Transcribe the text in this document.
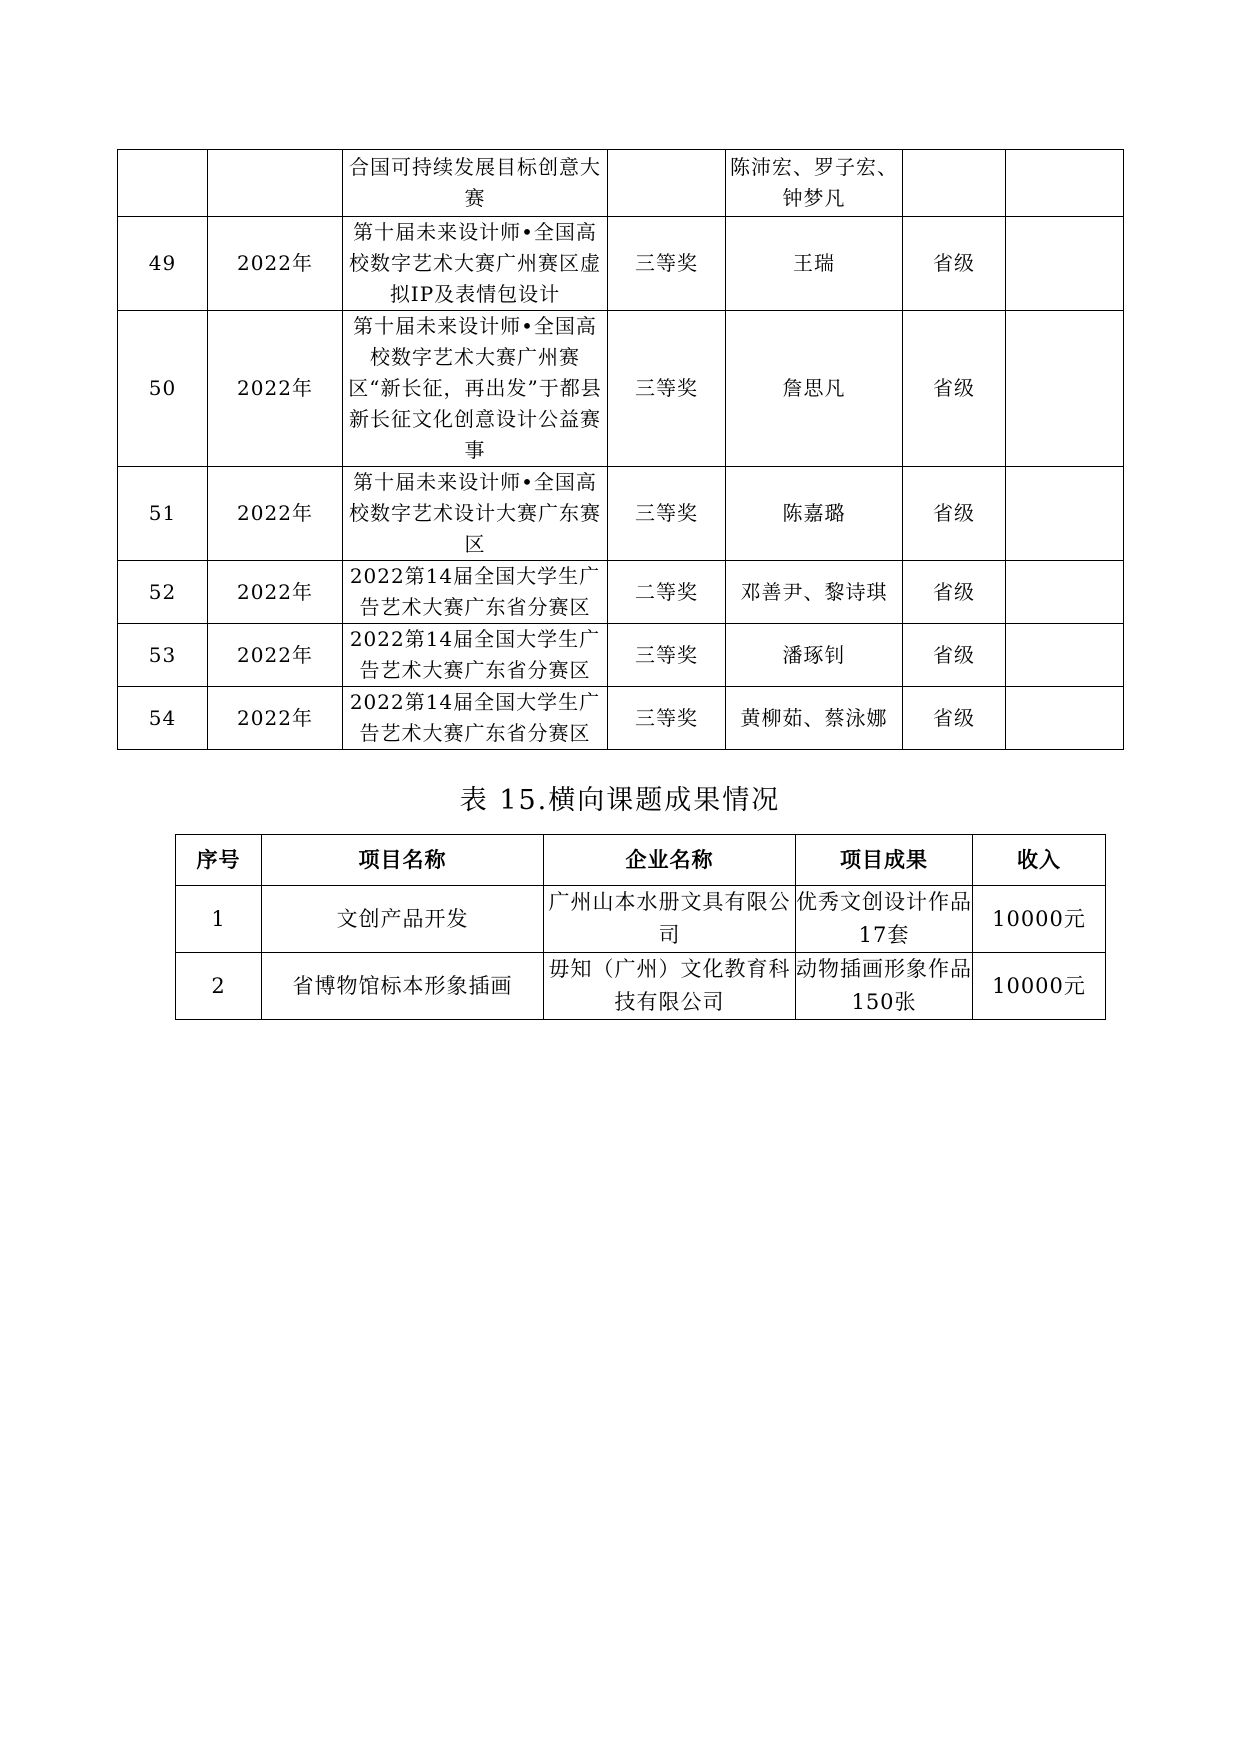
		合国可持续发展目标创意大赛		陈沛宏、罗子宏、钟梦凡		
49	2022年	第十届未来设计师•全国高校数字艺术大赛广州赛区虚拟IP及表情包设计	三等奖	王瑞	省级	
50	2022年	第十届未来设计师•全国高校数字艺术大赛广州赛区“新长征，再出发”于都县新长征文化创意设计公益赛事	三等奖	詹思凡	省级	
51	2022年	第十届未来设计师•全国高校数字艺术设计大赛广东赛区	三等奖	陈嘉璐	省级	
52	2022年	2022第14届全国大学生广告艺术大赛广东省分赛区	二等奖	邓善尹、黎诗琪	省级	
53	2022年	2022第14届全国大学生广告艺术大赛广东省分赛区	三等奖	潘琢钊	省级	
54	2022年	2022第14届全国大学生广告艺术大赛广东省分赛区	三等奖	黄柳茹、蔡泳娜	省级	
表 15.横向课题成果情况
序号	项目名称	企业名称	项目成果	收入
1	文创产品开发	广州山本水册文具有限公司	优秀文创设计作品17套	10000元
2	省博物馆标本形象插画	毋知（广州）文化教育科技有限公司	动物插画形象作品150张	10000元
